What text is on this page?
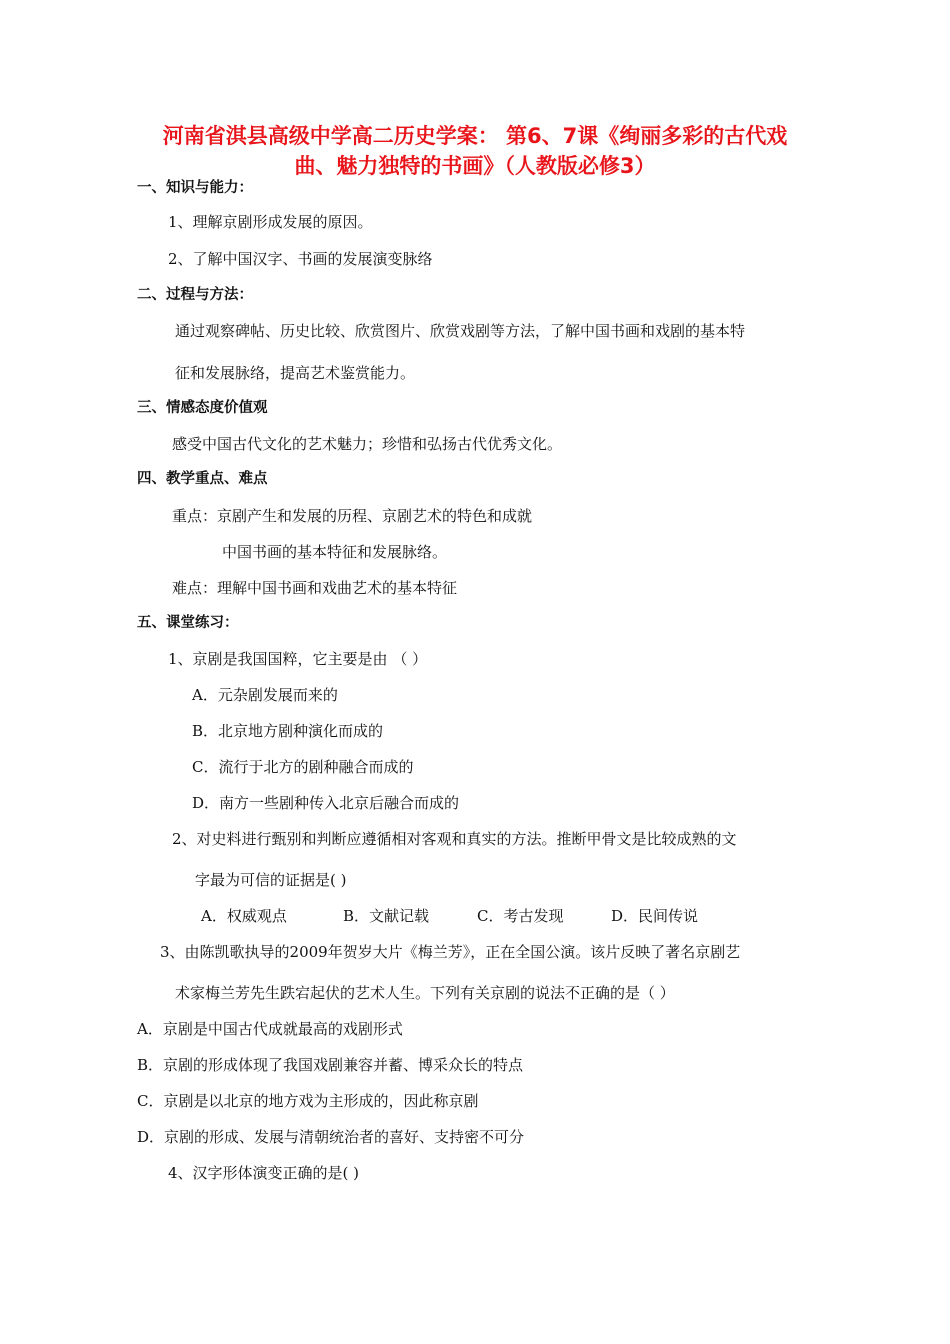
河南省淇县高级中学高二历史学案： 第6、7课《绚丽多彩的古代戏
曲、魅力独特的书画》（人教版必修3）
一、知识与能力：
1、理解京剧形成发展的原因。
2、了解中国汉字、书画的发展演变脉络
二、过程与方法：
通过观察碑帖、历史比较、欣赏图片、欣赏戏剧等方法，了解中国书画和戏剧的基本特
征和发展脉络，提高艺术鉴赏能力。
三、情感态度价值观
感受中国古代文化的艺术魅力；珍惜和弘扬古代优秀文化。
四、教学重点、难点
重点：京剧产生和发展的历程、京剧艺术的特色和成就
中国书画的基本特征和发展脉络。
难点：理解中国书画和戏曲艺术的基本特征
五、课堂练习：
1、京剧是我国国粹，它主要是由 （ ）
A．元杂剧发展而来的
B．北京地方剧种演化而成的
C．流行于北方的剧种融合而成的
D．南方一些剧种传入北京后融合而成的
2、对史料进行甄别和判断应遵循相对客观和真实的方法。推断甲骨文是比较成熟的文
字最为可信的证据是( )
A．权威观点	B．文献记载	C．考古发现	D．民间传说
3、由陈凯歌执导的2009年贺岁大片《梅兰芳》，正在全国公演。该片反映了著名京剧艺
术家梅兰芳先生跌宕起伏的艺术人生。下列有关京剧的说法不正确的是（ ）
A．京剧是中国古代成就最高的戏剧形式
B．京剧的形成体现了我国戏剧兼容并蓄、博采众长的特点
C．京剧是以北京的地方戏为主形成的，因此称京剧
D．京剧的形成、发展与清朝统治者的喜好、支持密不可分
4、汉字形体演变正确的是( )
